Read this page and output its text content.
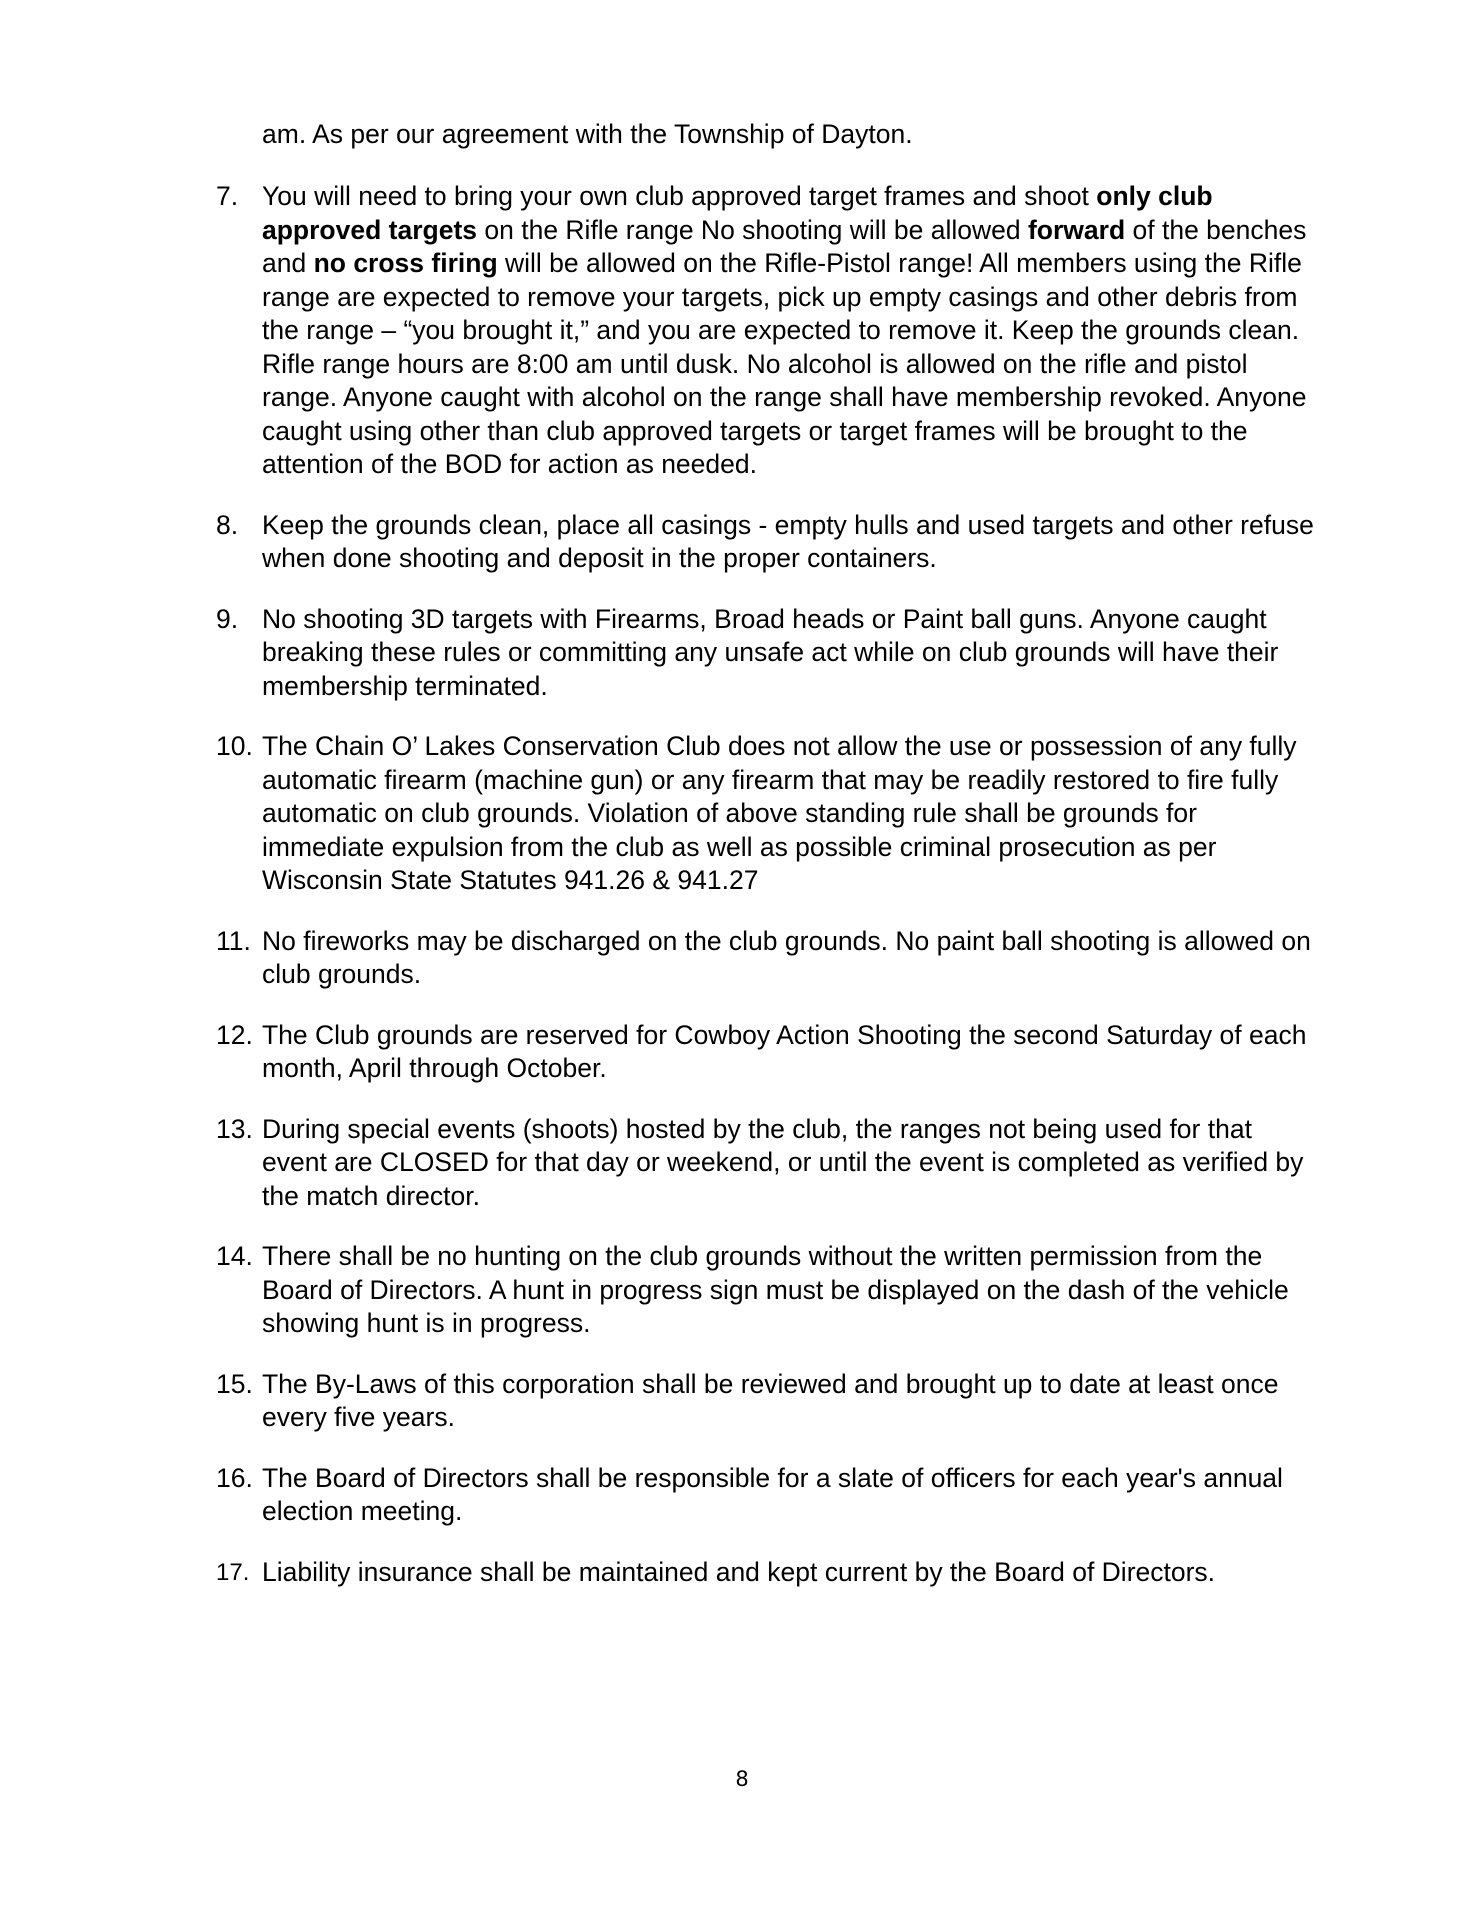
am. As per our agreement with the Township of Dayton.

7. You will need to bring your own club approved target frames and shoot only club approved targets on the Rifle range No shooting will be allowed forward of the benches and no cross firing will be allowed on the Rifle-Pistol range! All members using the Rifle range are expected to remove your targets, pick up empty casings and other debris from the range – “you brought it,” and you are expected to remove it. Keep the grounds clean. Rifle range hours are 8:00 am until dusk. No alcohol is allowed on the rifle and pistol range. Anyone caught with alcohol on the range shall have membership revoked. Anyone caught using other than club approved targets or target frames will be brought to the attention of the BOD for action as needed.

8. Keep the grounds clean, place all casings - empty hulls and used targets and other refuse when done shooting and deposit in the proper containers.

9. No shooting 3D targets with Firearms, Broad heads or Paint ball guns. Anyone caught breaking these rules or committing any unsafe act while on club grounds will have their membership terminated.

10. The Chain O’ Lakes Conservation Club does not allow the use or possession of any fully automatic firearm (machine gun) or any firearm that may be readily restored to fire fully automatic on club grounds. Violation of above standing rule shall be grounds for immediate expulsion from the club as well as possible criminal prosecution as per Wisconsin State Statutes 941.26 & 941.27

11. No fireworks may be discharged on the club grounds. No paint ball shooting is allowed on club grounds.

12. The Club grounds are reserved for Cowboy Action Shooting the second Saturday of each month, April through October.

13. During special events (shoots) hosted by the club, the ranges not being used for that event are CLOSED for that day or weekend, or until the event is completed as verified by the match director.

14. There shall be no hunting on the club grounds without the written permission from the Board of Directors. A hunt in progress sign must be displayed on the dash of the vehicle showing hunt is in progress.

15. The By-Laws of this corporation shall be reviewed and brought up to date at least once every five years.

16. The Board of Directors shall be responsible for a slate of officers for each year's annual election meeting.

17. Liability insurance shall be maintained and kept current by the Board of Directors.

8
